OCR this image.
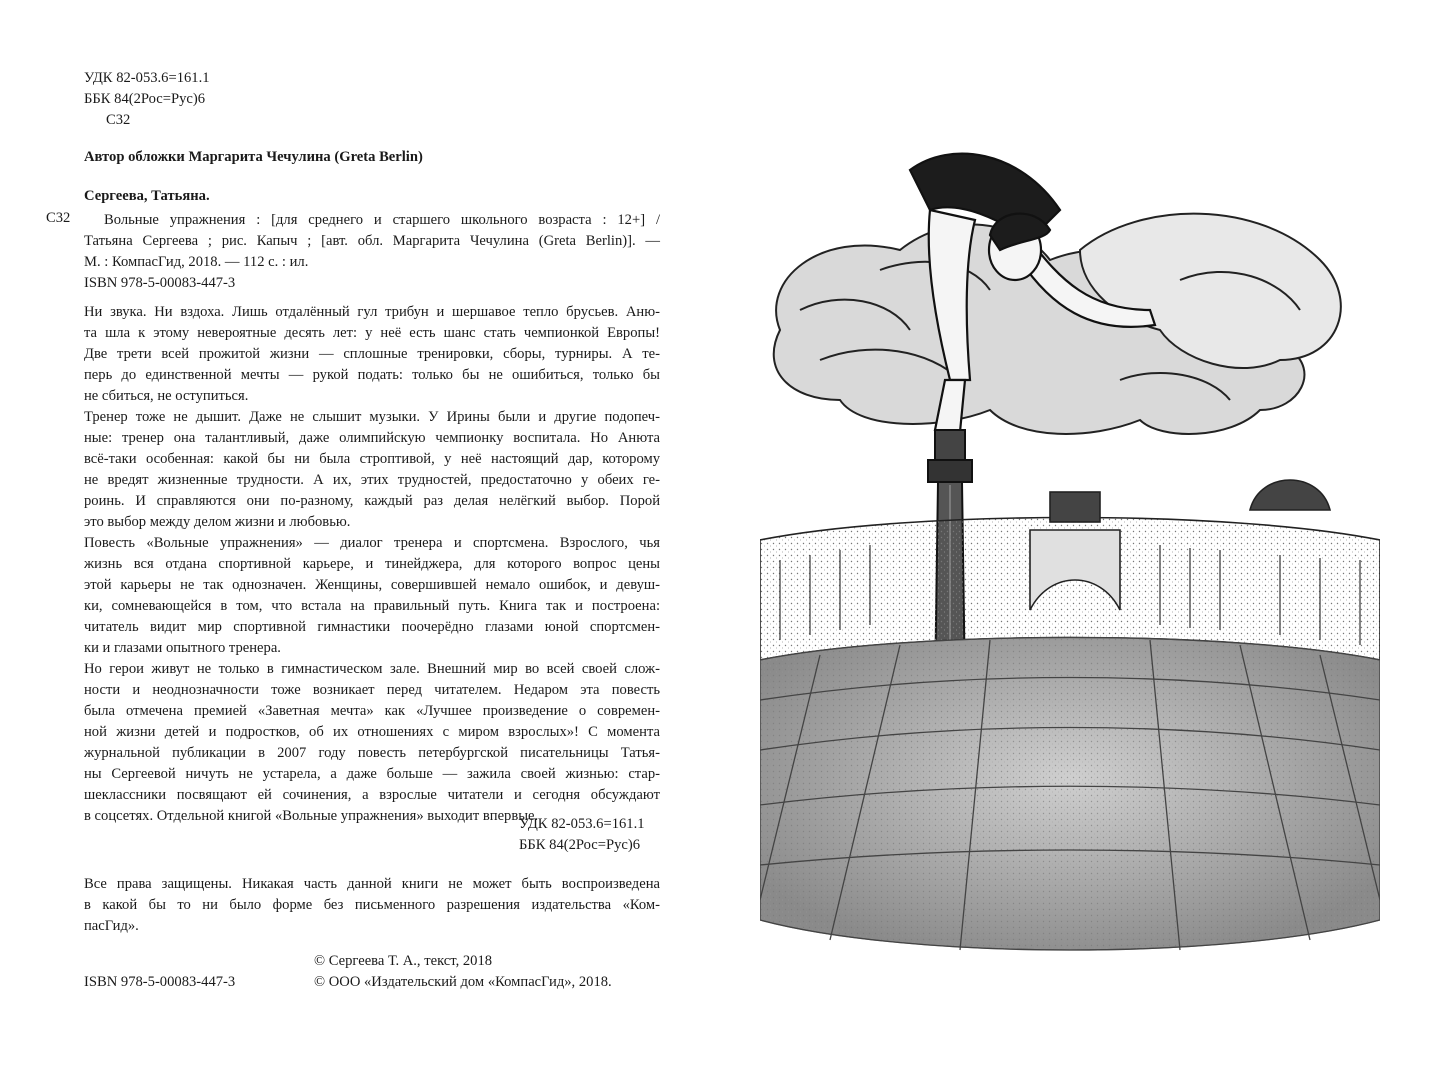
УДК 82-053.6=161.1

ББК 84(2Рос=Рус)6

С32

Автор обложки Маргарита Чечулина (Greta Berlin)

Сергеева, Татьяна.

С32	Вольные упражнения : [для среднего и старшего школьного возраста : 12+] /
Татьяна Сергеева ; рис. Капыч ; [авт. обл. Маргарита Чечулина (Greta Berlin)]. —
М. : КомпасГид, 2018. — 112 с. : ил.
ISBN 978-5-00083-447-3
Ни звука. Ни вздоха. Лишь отдалённый гул трибун и шершавое тепло брусьев. Аню-
та шла к этому невероятные десять лет: у неё есть шанс стать чемпионкой Европы!
Две трети всей прожитой жизни — сплошные тренировки, сборы, турниры. А те-
перь до единственной мечты — рукой подать: только бы не ошибиться, только бы
не сбиться, не оступиться.
Тренер тоже не дышит. Даже не слышит музыки. У Ирины были и другие подопеч-
ные: тренер она талантливый, даже олимпийскую чемпионку воспитала. Но Анюта
всё-таки особенная: какой бы ни была строптивой, у неё настоящий дар, которому
не вредят жизненные трудности. А их, этих трудностей, предостаточно у обеих ге-
роинь. И справляются они по-разному, каждый раз делая нелёгкий выбор. Порой
это выбор между делом жизни и любовью.
Повесть «Вольные упражнения» — диалог тренера и спортсмена. Взрослого, чья
жизнь вся отдана спортивной карьере, и тинейджера, для которого вопрос цены
этой карьеры не так однозначен. Женщины, совершившей немало ошибок, и девуш-
ки, сомневающейся в том, что встала на правильный путь. Книга так и построена:
читатель видит мир спортивной гимнастики поочерёдно глазами юной спортсмен-
ки и глазами опытного тренера.
Но герои живут не только в гимнастическом зале. Внешний мир во всей своей слож-
ности и неоднозначности тоже возникает перед читателем. Недаром эта повесть
была отмечена премией «Заветная мечта» как «Лучшее произведение о современ-
ной жизни детей и подростков, об их отношениях с миром взрослых»! С момента
журнальной публикации в 2007 году повесть петербургской писательницы Татья-
ны Сергеевой ничуть не устарела, а даже больше — зажила своей жизнью: стар-
шеклассники посвящают ей сочинения, а взрослые читатели и сегодня обсуждают
в соцсетях. Отдельной книгой «Вольные упражнения» выходит впервые.

УДК 82-053.6=161.1

ББК 84(2Рос=Рус)6

Все права защищены. Никакая часть данной книги не может быть воспроизведена
в какой бы то ни было форме без письменного разрешения издательства «Ком-
пасГид».

© Сергеева Т. А., текст, 2018

© ООО «Издательский дом «КомпасГид», 2018.

ISBN 978-5-00083-447-3
